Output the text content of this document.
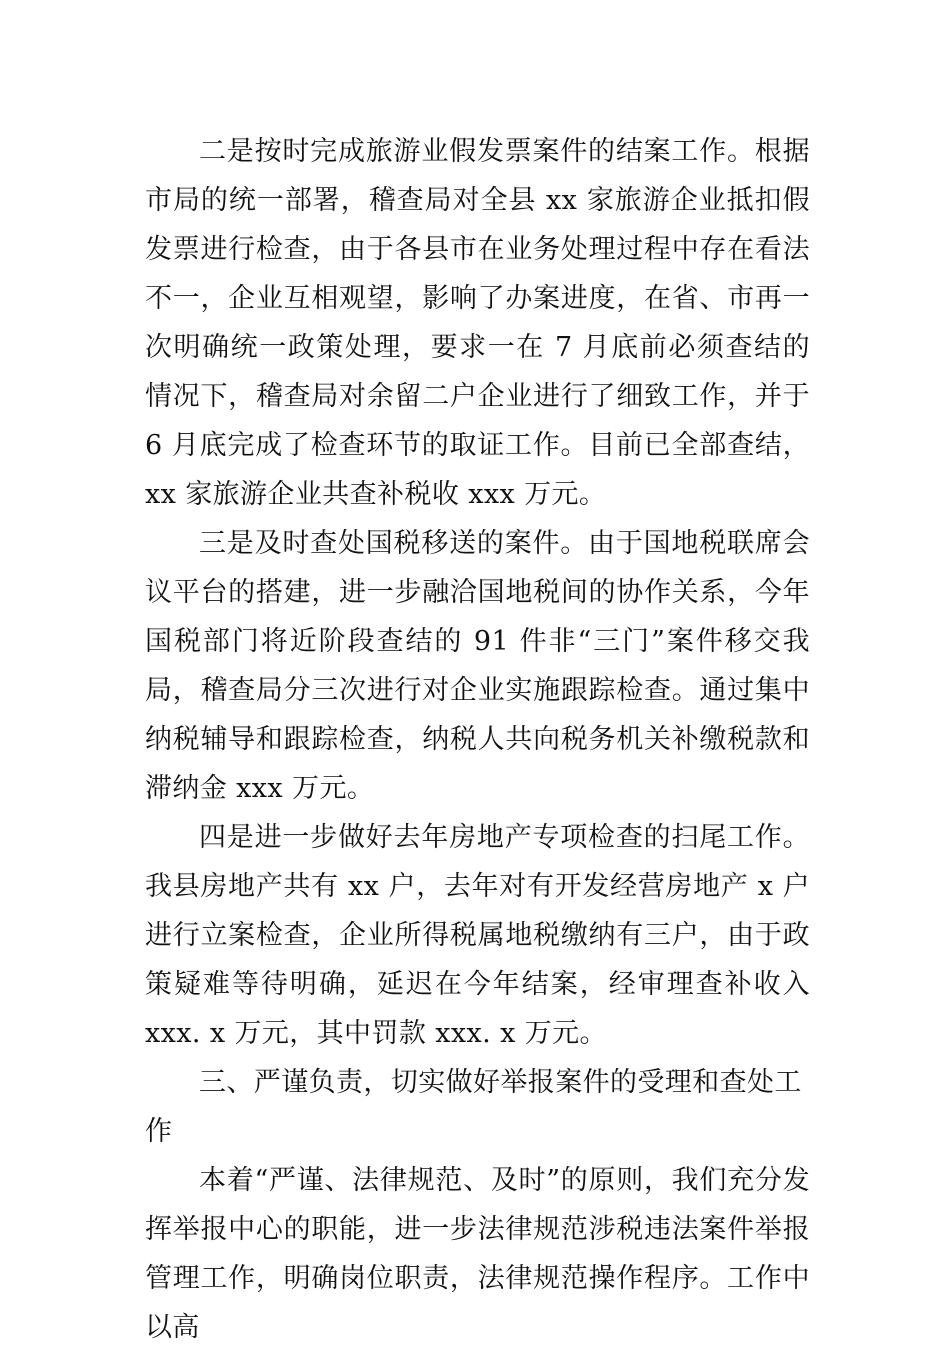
二是按时完成旅游业假发票案件的结案工作。根据市局的统一部署，稽查局对全县 xx 家旅游企业抵扣假发票进行检查，由于各县市在业务处理过程中存在看法不一，企业互相观望，影响了办案进度，在省、市再一次明确统一政策处理，要求一在 7 月底前必须查结的情况下，稽查局对余留二户企业进行了细致工作，并于 6 月底完成了检查环节的取证工作。目前已全部查结，xx 家旅游企业共查补税收 xxx 万元。

三是及时查处国税移送的案件。由于国地税联席会议平台的搭建，进一步融洽国地税间的协作关系，今年国税部门将近阶段查结的 91 件非“三门”案件移交我局，稽查局分三次进行对企业实施跟踪检查。通过集中纳税辅导和跟踪检查，纳税人共向税务机关补缴税款和滞纳金 xxx 万元。

四是进一步做好去年房地产专项检查的扫尾工作。我县房地产共有 xx 户，去年对有开发经营房地产 x 户进行立案检查，企业所得税属地税缴纳有三户，由于政策疑难等待明确，延迟在今年结案，经审理查补收入 xxx. x 万元，其中罚款 xxx. x 万元。

三、严谨负责，切实做好举报案件的受理和查处工作

本着“严谨、法律规范、及时”的原则，我们充分发挥举报中心的职能，进一步法律规范涉税违法案件举报管理工作，明确岗位职责，法律规范操作程序。工作中以高
